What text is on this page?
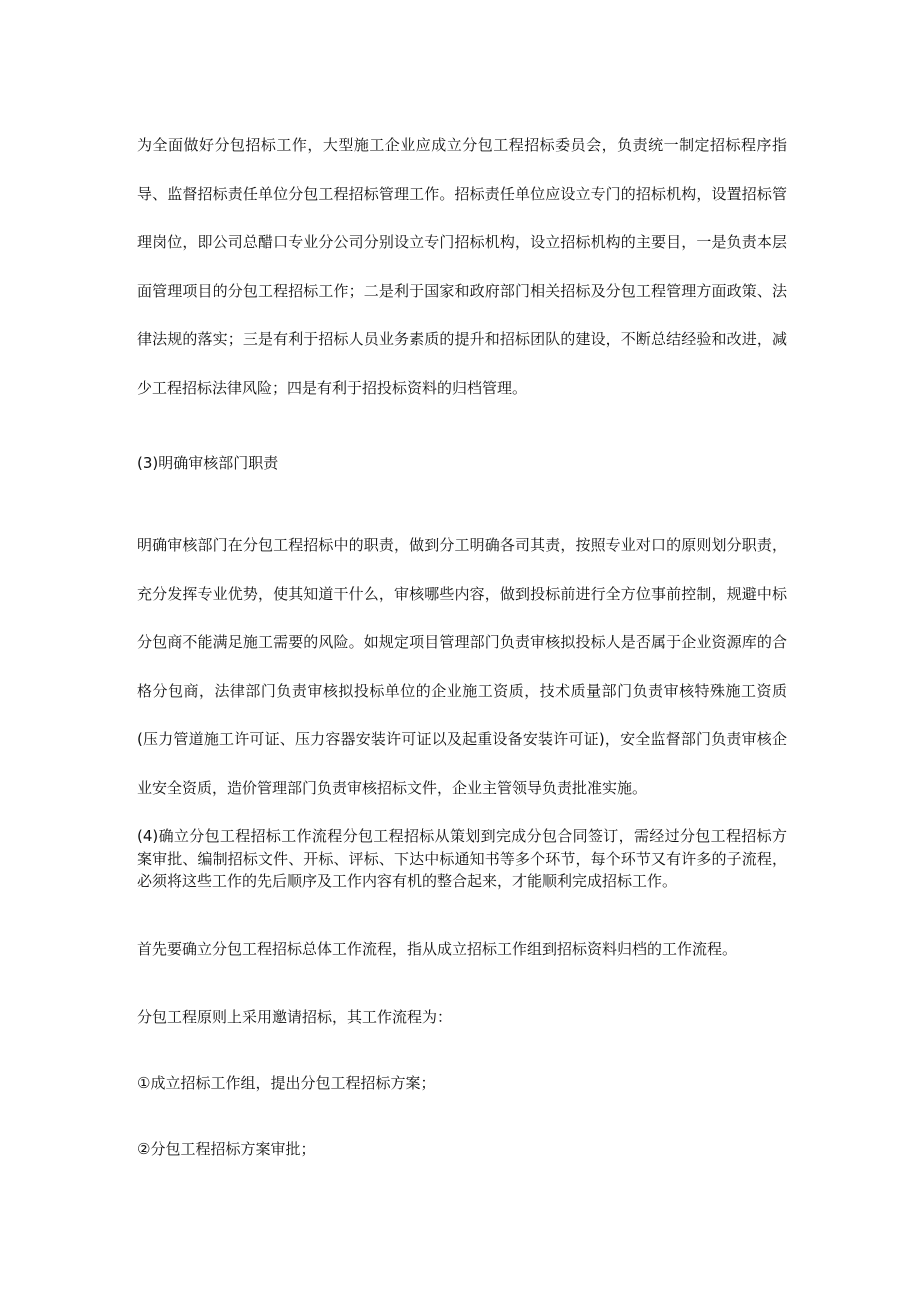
为全面做好分包招标工作，大型施工企业应成立分包工程招标委员会，负责统一制定招标程序指导、监督招标责任单位分包工程招标管理工作。招标责任单位应设立专门的招标机构，设置招标管理岗位，即公司总醋口专业分公司分别设立专门招标机构，设立招标机构的主要目，一是负责本层面管理项目的分包工程招标工作；二是利于国家和政府部门相关招标及分包工程管理方面政策、法律法规的落实；三是有利于招标人员业务素质的提升和招标团队的建设，不断总结经验和改进，减少工程招标法律风险；四是有利于招投标资料的归档管理。

(3)明确审核部门职责

明确审核部门在分包工程招标中的职责，做到分工明确各司其责，按照专业对口的原则划分职责，充分发挥专业优势，使其知道干什么，审核哪些内容，做到投标前进行全方位事前控制，规避中标分包商不能满足施工需要的风险。如规定项目管理部门负责审核拟投标人是否属于企业资源库的合格分包商，法律部门负责审核拟投标单位的企业施工资质，技术质量部门负责审核特殊施工资质(压力管道施工许可证、压力容器安装许可证以及起重设备安装许可证)，安全监督部门负责审核企业安全资质，造价管理部门负责审核招标文件，企业主管领导负责批准实施。

(4)确立分包工程招标工作流程分包工程招标从策划到完成分包合同签订，需经过分包工程招标方案审批、编制招标文件、开标、评标、下达中标通知书等多个环节，每个环节又有许多的子流程，必须将这些工作的先后顺序及工作内容有机的整合起来，才能顺利完成招标工作。

首先要确立分包工程招标总体工作流程，指从成立招标工作组到招标资料归档的工作流程。

分包工程原则上采用邀请招标，其工作流程为：

①成立招标工作组，提出分包工程招标方案；

②分包工程招标方案审批；
